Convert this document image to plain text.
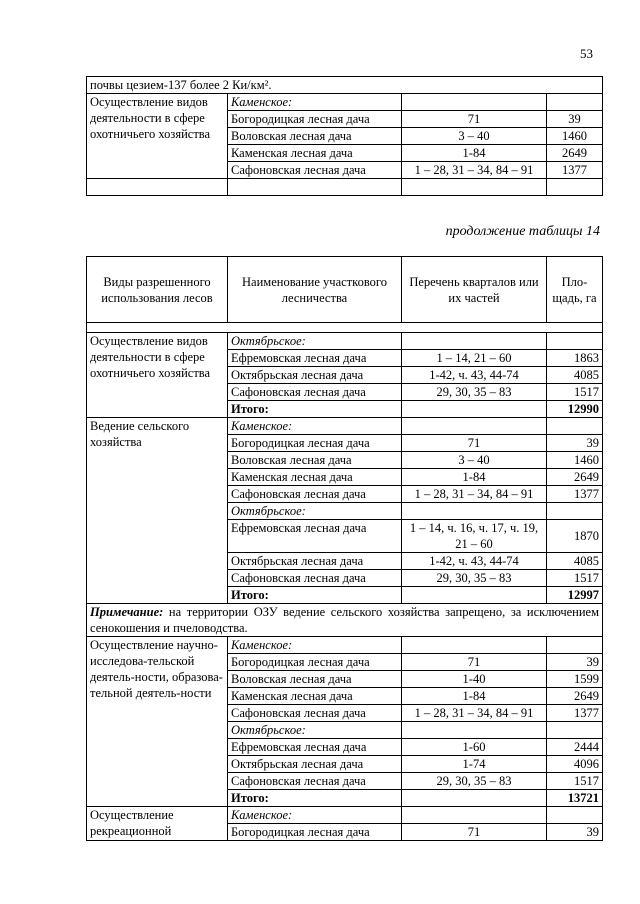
53
почвы цезием-137 более 2 Ки/км².			
Осуществление видов деятельности в сфере охотничьего хозяйства	Каменское:		
	Богородицкая лесная дача	71	39
	Воловская лесная дача	3 – 40	1460
	Каменская лесная дача	1-84	2649
	Сафоновская лесная дача	1 – 28, 31 – 34, 84 – 91	1377

продолжение таблицы 14
Виды разрешенного использования лесов	Наименование участкового лесничества	Перечень кварталов или их частей	Пло-щадь, га

Осуществление видов деятельности в сфере охотничьего хозяйства	Октябрьское:		
	Ефремовская лесная дача	1 – 14, 21 – 60	1863
	Октябрьская лесная дача	1-42, ч. 43, 44-74	4085
	Сафоновская лесная дача	29, 30, 35 – 83	1517
	Итого:		12990
Ведение сельского хозяйства	Каменское:		
	Богородицкая лесная дача	71	39
	Воловская лесная дача	3 – 40	1460
	Каменская лесная дача	1-84	2649
	Сафоновская лесная дача	1 – 28, 31 – 34, 84 – 91	1377
	Октябрьское:		
	Ефремовская лесная дача	1 – 14, ч. 16, ч. 17, ч. 19, 21 – 60	1870
	Октябрьская лесная дача	1-42, ч. 43, 44-74	4085
	Сафоновская лесная дача	29, 30, 35 – 83	1517
	Итого:		12997
Примечание: на территории ОЗУ ведение сельского хозяйства запрещено, за исключением сенокошения и пчеловодства.			
Осуществление научно-исследова-тельской деятель-ности, образова-тельной деятель-ности	Каменское:		
	Богородицкая лесная дача	71	39
	Воловская лесная дача	1-40	1599
	Каменская лесная дача	1-84	2649
	Сафоновская лесная дача	1 – 28, 31 – 34, 84 – 91	1377
	Октябрьское:		
	Ефремовская лесная дача	1-60	2444
	Октябрьская лесная дача	1-74	4096
	Сафоновская лесная дача	29, 30, 35 – 83	1517
	Итого:		13721
Осуществление рекреационной	Каменское:		
	Богородицкая лесная дача	71	39
